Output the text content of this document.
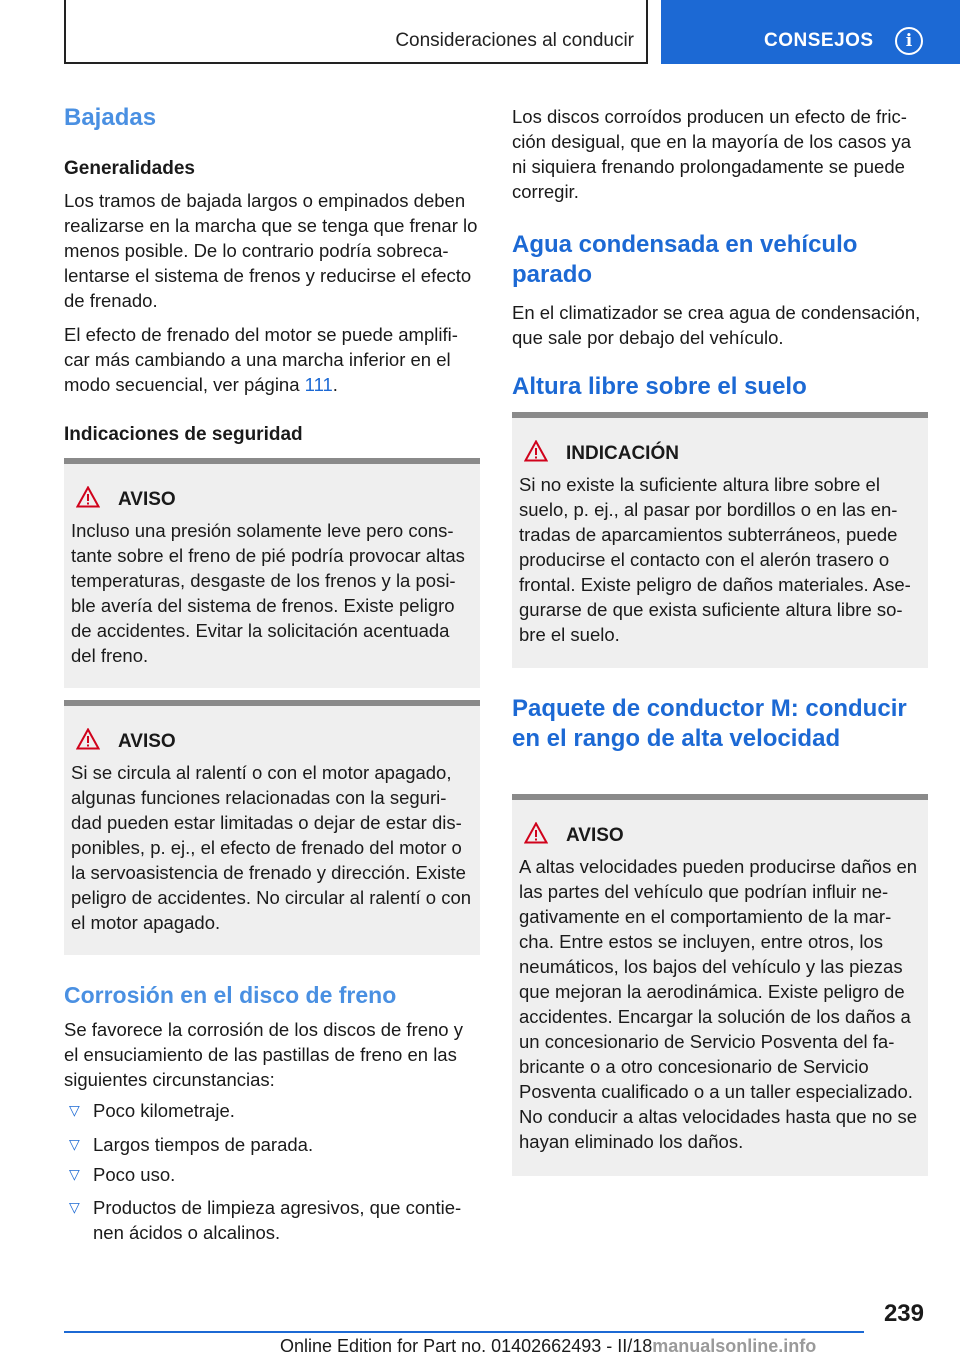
Consideraciones al conducir	CONSEJOS	i
Bajadas
Generalidades

Los tramos de bajada largos o empinados deben realizarse en la marcha que se tenga que frenar lo menos posible. De lo contrario podría sobreca-lentarse el sistema de frenos y reducirse el efecto de frenado.

El efecto de frenado del motor se puede amplifi-car más cambiando a una marcha inferior en el modo secuencial, ver página 111.

Indicaciones de seguridad
AVISO

Incluso una presión solamente leve pero cons-tante sobre el freno de pié podría provocar altas temperaturas, desgaste de los frenos y la posi-ble avería del sistema de frenos. Existe peligro de accidentes. Evitar la solicitación acentuada del freno.

AVISO

Si se circula al ralentí o con el motor apagado, algunas funciones relacionadas con la seguri-dad pueden estar limitadas o dejar de estar dis-ponibles, p. ej., el efecto de frenado del motor o la servoasistencia de frenado y dirección. Existe peligro de accidentes. No circular al ralentí o con el motor apagado.

Corrosión en el disco de freno

Se favorece la corrosión de los discos de freno y el ensuciamiento de las pastillas de freno en las siguientes circunstancias:

▽ Poco kilometraje.
▽ Largos tiempos de parada.
▽ Poco uso.
▽ Productos de limpieza agresivos, que contie-nen ácidos o alcalinos.

Los discos corroídos producen un efecto de fric-ción desigual, que en la mayoría de los casos ya ni siquiera frenando prolongadamente se puede corregir.

Agua condensada en vehículo parado

En el climatizador se crea agua de condensación, que sale por debajo del vehículo.

Altura libre sobre el suelo
INDICACIÓN

Si no existe la suficiente altura libre sobre el suelo, p. ej., al pasar por bordillos o en las en-tradas de aparcamientos subterráneos, puede producirse el contacto con el alerón trasero o frontal. Existe peligro de daños materiales. Ase-gurarse de que exista suficiente altura libre so-bre el suelo.

Paquete de conductor M: conducir en el rango de alta velocidad
AVISO

A altas velocidades pueden producirse daños en las partes del vehículo que podrían influir ne-gativamente en el comportamiento de la mar-cha. Entre estos se incluyen, entre otros, los neumáticos, los bajos del vehículo y las piezas que mejoran la aerodinámica. Existe peligro de accidentes. Encargar la solución de los daños a un concesionario de Servicio Posventa del fa-bricante o a otro concesionario de Servicio Posventa cualificado o a un taller especializado. No conducir a altas velocidades hasta que no se hayan eliminado los daños.

239
Online Edition for Part no. 01402662493 - II/18manualsonline.info
